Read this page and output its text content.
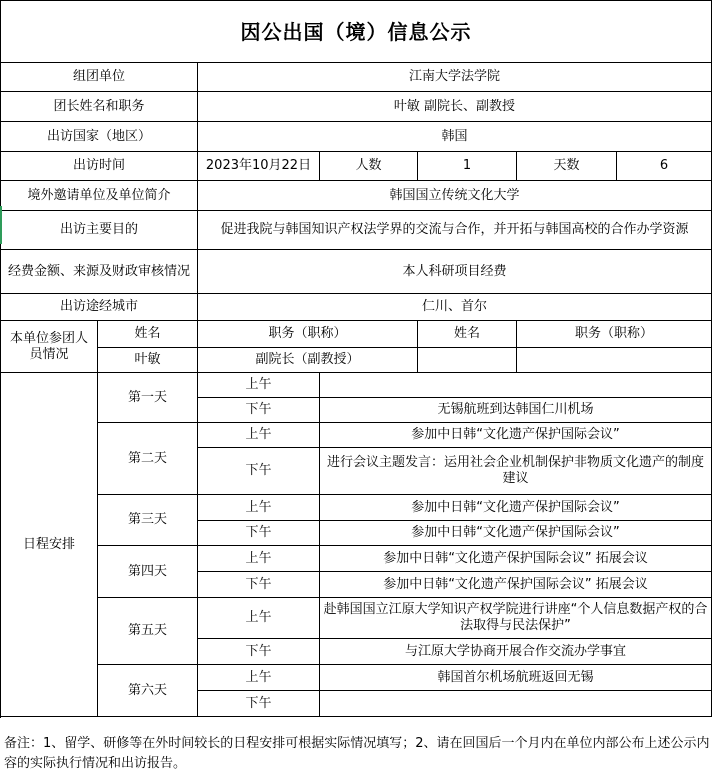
因公出国（境）信息公示						
组团单位		江南大学法学院				
团长姓名和职务		叶敏 副院长、副教授				
出访国家（地区）		韩国				
出访时间		2023年10月22日	人数	1	天数	6
境外邀请单位及单位简介		韩国国立传统文化大学				
出访主要目的		促进我院与韩国知识产权法学界的交流与合作，并开拓与韩国高校的合作办学资源				
经费金额、来源及财政审核情况		本人科研项目经费				
出访途经城市		仁川、首尔				
本单位参团人员情况	姓名	职务（职称）		姓名	职务（职称）	
	叶敏	副院长（副教授）				
日程安排	第一天	上午				
		下午	无锡航班到达韩国仁川机场			
	第二天	上午	参加中日韩“文化遗产保护国际会议”			
		下午	进行会议主题发言：运用社会企业机制保护非物质文化遗产的制度建议			
	第三天	上午	参加中日韩“文化遗产保护国际会议”			
		下午	参加中日韩“文化遗产保护国际会议”			
	第四天	上午	参加中日韩“文化遗产保护国际会议” 拓展会议			
		下午	参加中日韩“文化遗产保护国际会议” 拓展会议			
	第五天	上午	赴韩国国立江原大学知识产权学院进行讲座“个人信息数据产权的合法取得与民法保护”			
		下午	与江原大学协商开展合作交流办学事宜			
	第六天	上午	韩国首尔机场航班返回无锡			
		下午				

备注：1、留学、研修等在外时间较长的日程安排可根据实际情况填写；2、请在回国后一个月内在单位内部公布上述公示内容的实际执行情况和出访报告。
